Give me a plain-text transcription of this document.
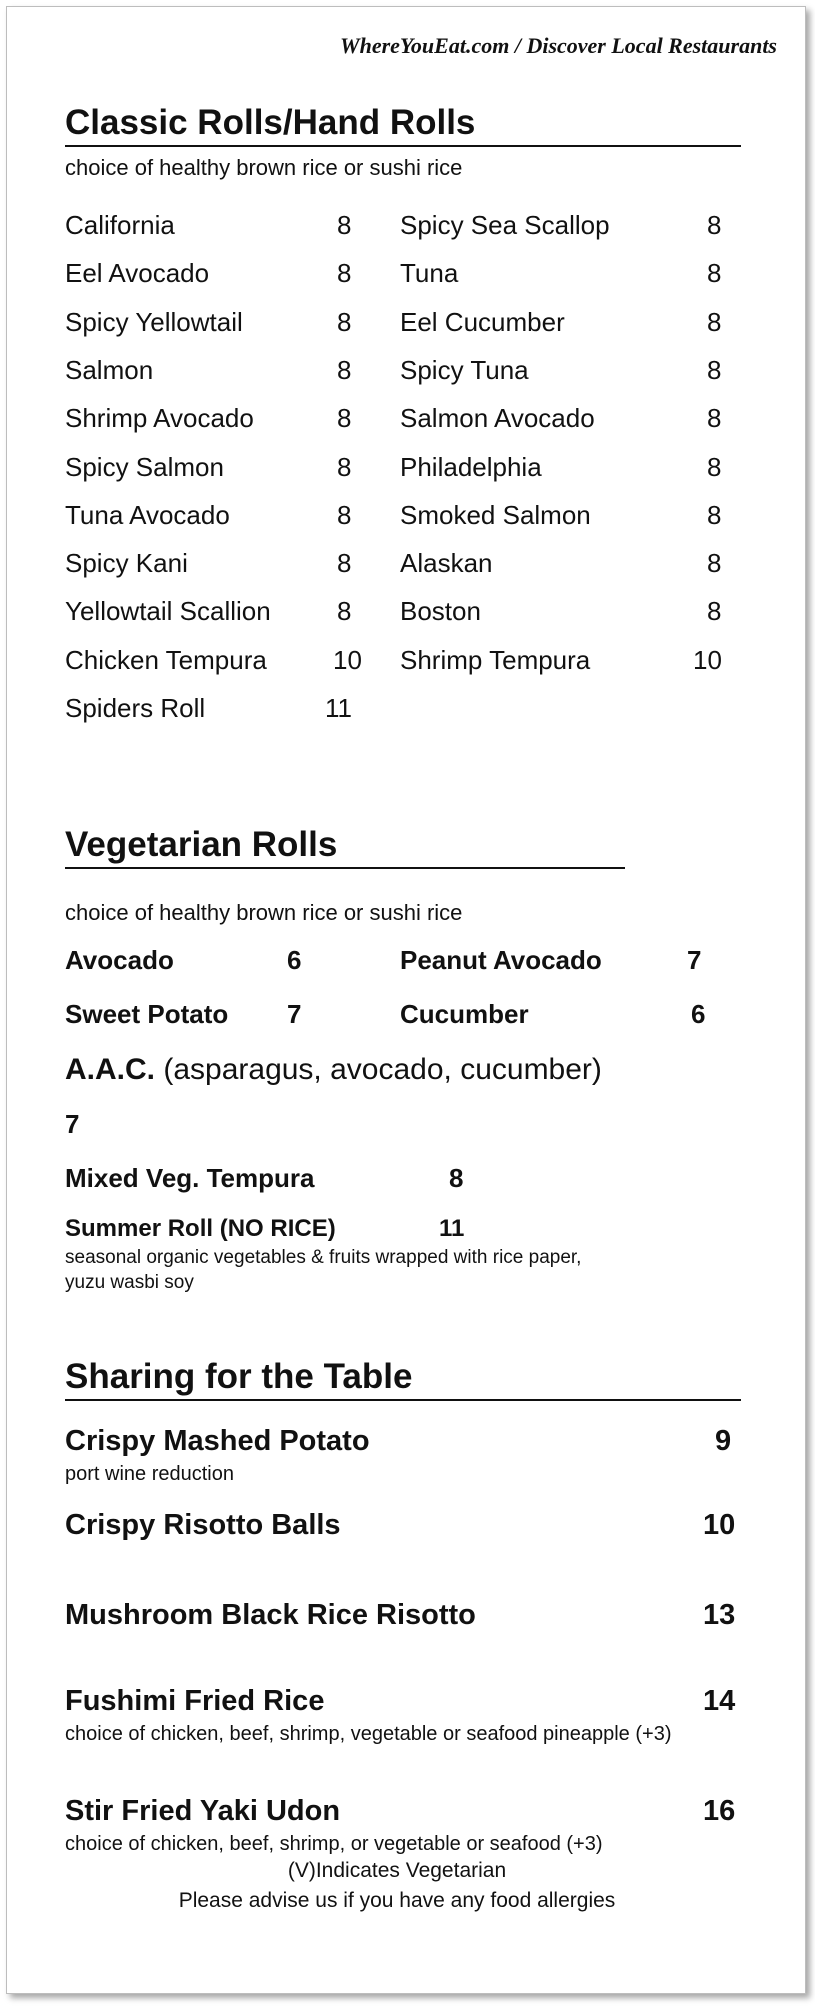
WhereYouEat.com / Discover Local Restaurants
Classic Rolls/Hand Rolls
choice of healthy brown rice or sushi rice
California	8
Eel Avocado	8
Spicy Yellowtail	8
Salmon	8
Shrimp Avocado	8
Spicy Salmon	8
Tuna Avocado	8
Spicy Kani	8
Yellowtail Scallion	8
Chicken Tempura	10
Spiders Roll	11
Spicy Sea Scallop	8
Tuna	8
Eel Cucumber	8
Spicy Tuna	8
Salmon Avocado	8
Philadelphia	8
Smoked Salmon	8
Alaskan	8
Boston	8
Shrimp Tempura	10
Vegetarian Rolls
choice of healthy brown rice or sushi rice
Avocado	6	Peanut Avocado	7
Sweet Potato 7	Cucumber	6
A.A.C. (asparagus, avocado, cucumber)
7
Mixed Veg. Tempura	8
Summer Roll (NO RICE)	11
seasonal organic vegetables & fruits wrapped with rice paper,
yuzu wasbi soy
Sharing for the Table
Crispy Mashed Potato	9
port wine reduction
Crispy Risotto Balls	10
Mushroom Black Rice Risotto	13
Fushimi Fried Rice	14
choice of chicken, beef, shrimp, vegetable or seafood pineapple (+3)
Stir Fried Yaki Udon	16
choice of chicken, beef, shrimp, or vegetable or seafood (+3)
(V)Indicates Vegetarian
Please advise us if you have any food allergies
